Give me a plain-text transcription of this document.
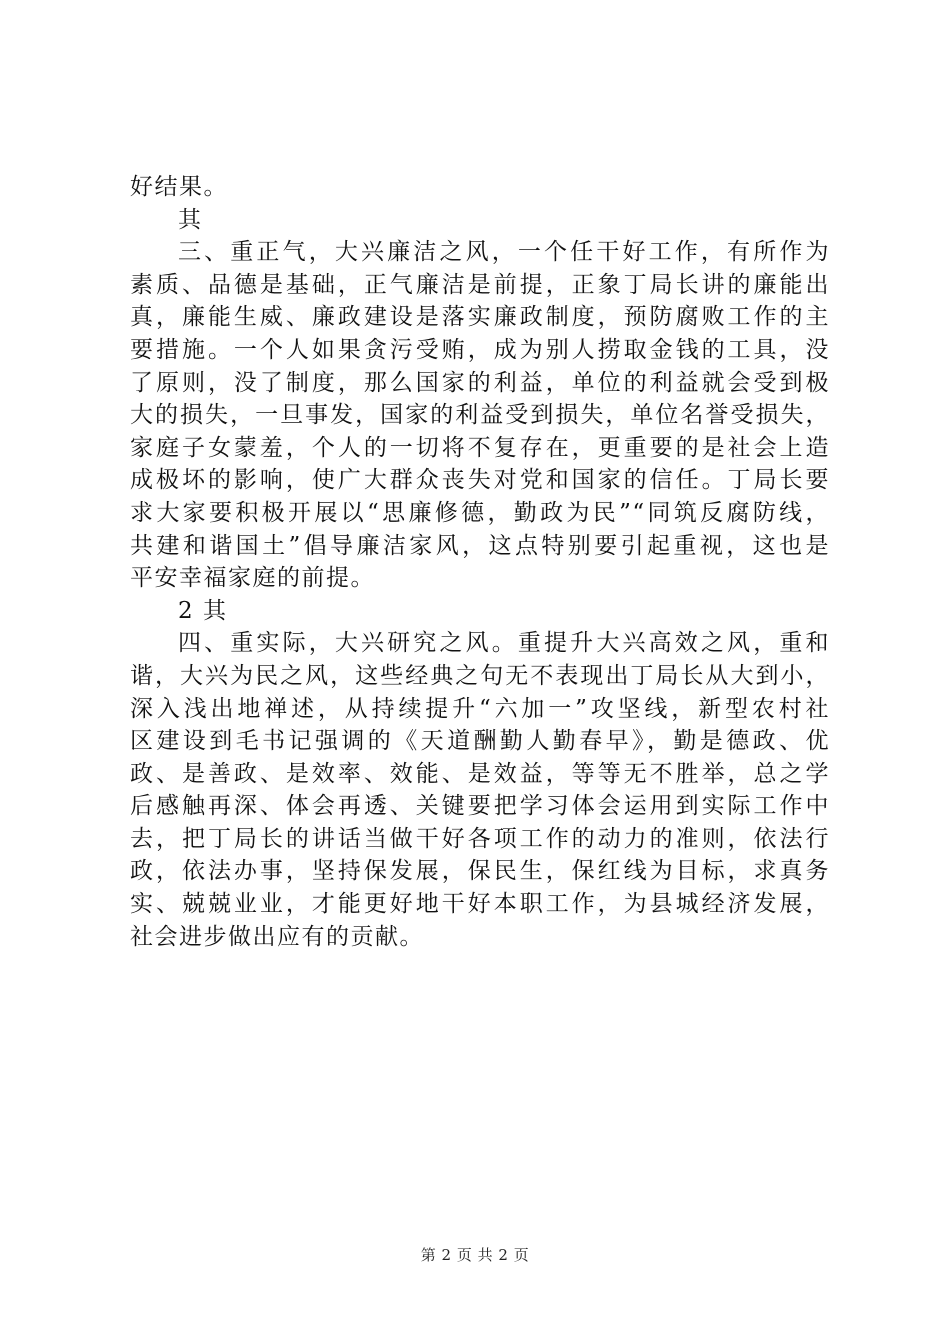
好结果。
其
三、重正气，大兴廉洁之风，一个任干好工作，有所作为
素质、品德是基础，正气廉洁是前提，正象丁局长讲的廉能出
真，廉能生威、廉政建设是落实廉政制度，预防腐败工作的主
要措施。一个人如果贪污受贿，成为别人捞取金钱的工具，没
了原则，没了制度，那么国家的利益，单位的利益就会受到极
大的损失，一旦事发，国家的利益受到损失，单位名誉受损失，
家庭子女蒙羞，个人的一切将不复存在，更重要的是社会上造
成极坏的影响，使广大群众丧失对党和国家的信任。丁局长要
求大家要积极开展以“思廉修德，勤政为民”“同筑反腐防线，
共建和谐国土”倡导廉洁家风，这点特别要引起重视，这也是
平安幸福家庭的前提。
2 其
四、重实际，大兴研究之风。重提升大兴高效之风，重和
谐，大兴为民之风，这些经典之句无不表现出丁局长从大到小，
深入浅出地禅述，从持续提升“六加一”攻坚线，新型农村社
区建设到毛书记强调的《天道酬勤人勤春早》，勤是德政、优
政、是善政、是效率、效能、是效益，等等无不胜举，总之学
后感触再深、体会再透、关键要把学习体会运用到实际工作中
去，把丁局长的讲话当做干好各项工作的动力的准则，依法行
政，依法办事，坚持保发展，保民生，保红线为目标，求真务
实、兢兢业业，才能更好地干好本职工作，为县城经济发展，
社会进步做出应有的贡献。
第 2 页 共 2 页
